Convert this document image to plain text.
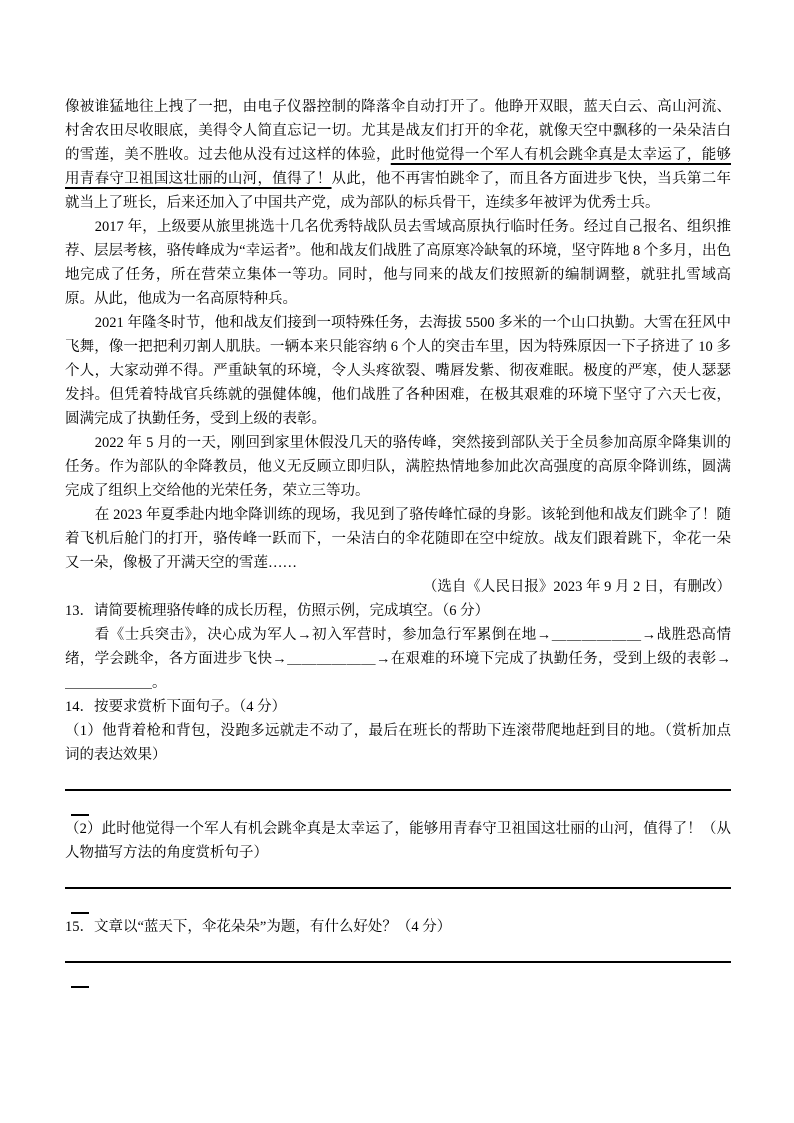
像被谁猛地往上拽了一把，由电子仪器控制的降落伞自动打开了。他睁开双眼，蓝天白云、高山河流、村舍农田尽收眼底，美得令人简直忘记一切。尤其是战友们打开的伞花，就像天空中飘移的一朵朵洁白的雪莲，美不胜收。过去他从没有过这样的体验，此时他觉得一个军人有机会跳伞真是太幸运了，能够用青春守卫祖国这壮丽的山河，值得了！从此，他不再害怕跳伞了，而且各方面进步飞快，当兵第二年就当上了班长，后来还加入了中国共产党，成为部队的标兵骨干，连续多年被评为优秀士兵。

2017 年，上级要从旅里挑选十几名优秀特战队员去雪域高原执行临时任务。经过自己报名、组织推荐、层层考核，骆传峰成为“幸运者”。他和战友们战胜了高原寒冷缺氧的环境，坚守阵地 8 个多月，出色地完成了任务，所在营荣立集体一等功。同时，他与同来的战友们按照新的编制调整，就驻扎雪域高原。从此，他成为一名高原特种兵。

2021 年隆冬时节，他和战友们接到一项特殊任务，去海拔 5500 多米的一个山口执勤。大雪在狂风中飞舞，像一把把利刃割人肌肤。一辆本来只能容纳 6 个人的突击车里，因为特殊原因一下子挤进了 10 多个人，大家动弹不得。严重缺氧的环境，令人头疼欲裂、嘴唇发紫、彻夜难眠。极度的严寒，使人瑟瑟发抖。但凭着特战官兵练就的强健体魄，他们战胜了各种困难，在极其艰难的环境下坚守了六天七夜，圆满完成了执勤任务，受到上级的表彰。

2022 年 5 月的一天，刚回到家里休假没几天的骆传峰，突然接到部队关于全员参加高原伞降集训的任务。作为部队的伞降教员，他义无反顾立即归队，满腔热情地参加此次高强度的高原伞降训练，圆满完成了组织上交给他的光荣任务，荣立三等功。

在 2023 年夏季赴内地伞降训练的现场，我见到了骆传峰忙碌的身影。该轮到他和战友们跳伞了！随着飞机后舱门的打开，骆传峰一跃而下，一朵洁白的伞花随即在空中绽放。战友们跟着跳下，伞花一朵又一朵，像极了开满天空的雪莲……

（选自《人民日报》2023 年 9 月 2 日，有删改）

13．请简要梳理骆传峰的成长历程，仿照示例，完成填空。（6 分）

看《士兵突击》，决心成为军人→初入军营时，参加急行军累倒在地→＿＿＿＿＿＿→战胜恐高情绪，学会跳伞，各方面进步飞快→＿＿＿＿＿＿→在艰难的环境下完成了执勤任务，受到上级的表彰→＿＿＿＿＿＿。

14．按要求赏析下面句子。（4 分）

（1）他背着枪和背包，没跑多远就走不动了，最后在班长的帮助下连滚带爬地赶到目的地。（赏析加点词的表达效果）

（2）此时他觉得一个军人有机会跳伞真是太幸运了，能够用青春守卫祖国这壮丽的山河，值得了！（从人物描写方法的角度赏析句子）

15．文章以“蓝天下，伞花朵朵”为题，有什么好处？（4 分）
